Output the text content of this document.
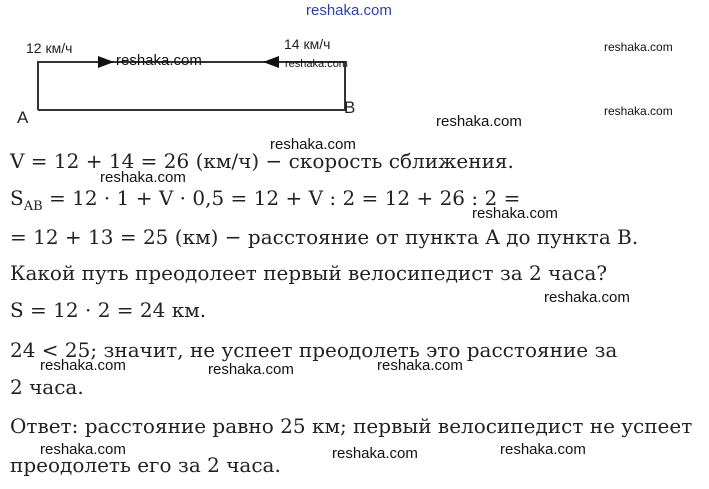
12 км/ч	14 км/ч
A
B
V = 12 + 14 = 26 (км/ч) − скорость сближения.
$S_{AB} = 12 \cdot 1 + V \cdot 0,5 = 12 + V$ : 2 = 12 + 26 : 2 =
= 12 + 13 = 25 (км) − расстояние от пункта A до пункта B.
Какой путь преодолеет первый велосипедист за 2 часа?
S = 12 · 2 = 24 км.
24 < 25; значит, не успеет преодолеть это расстояние за
2 часа.
Ответ: расстояние равно 25 км; первый велосипедист не успеет
преодолеть его за 2 часа.
reshaka.com
reshaka.com	reshaka.com
reshaka.com
reshaka.com
reshaka.com
reshaka.com
reshaka.com
reshaka.com
reshaka.com
reshaka.com	reshaka.com	reshaka.com
reshaka.com	reshaka.com	reshaka.com
